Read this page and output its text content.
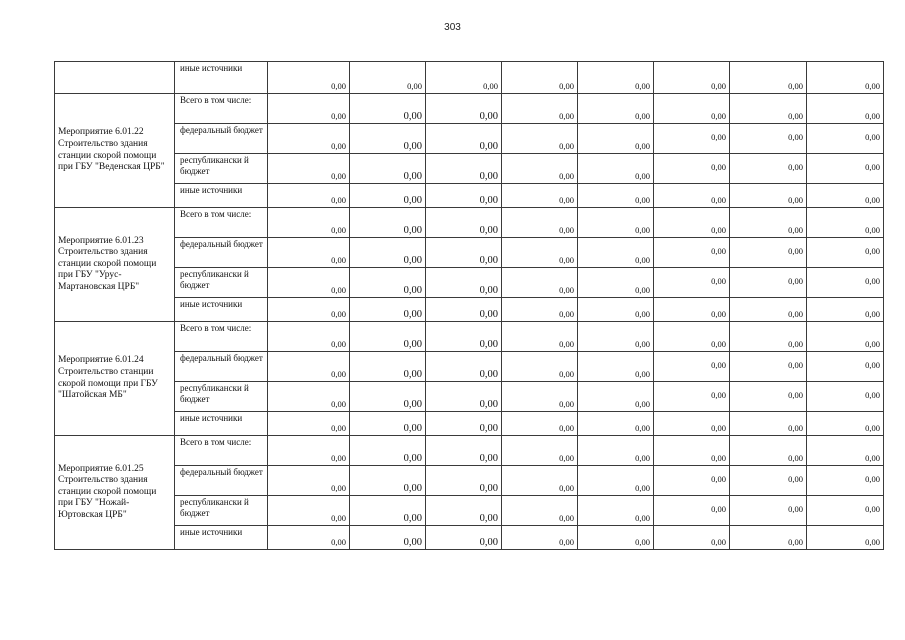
303
	иные источники	0,00	0,00	0,00	0,00	0,00	0,00	0,00	0,00

Мероприятие 6.01.22 Строительство здания станции скорой помощи при ГБУ "Веденская ЦРБ"	Всего в том числе:	0,00	0,00	0,00	0,00	0,00	0,00	0,00	0,00

	федеральный бюджет	0,00	0,00	0,00	0,00	0,00	0,00	0,00	0,00

	республикански й бюджет	0,00	0,00	0,00	0,00	0,00	0,00	0,00	0,00

	иные источники	0,00	0,00	0,00	0,00	0,00	0,00	0,00	0,00

Мероприятие 6.01.23 Строительство здания станции скорой помощи при ГБУ "Урус-Мартановская ЦРБ"	Всего в том числе:	0,00	0,00	0,00	0,00	0,00	0,00	0,00	0,00

	федеральный бюджет	0,00	0,00	0,00	0,00	0,00	0,00	0,00	0,00

	республикански й бюджет	0,00	0,00	0,00	0,00	0,00	0,00	0,00	0,00

	иные источники	0,00	0,00	0,00	0,00	0,00	0,00	0,00	0,00

Мероприятие 6.01.24 Строительство станции скорой помощи при ГБУ "Шатойская МБ"	Всего в том числе:	0,00	0,00	0,00	0,00	0,00	0,00	0,00	0,00

	федеральный бюджет	0,00	0,00	0,00	0,00	0,00	0,00	0,00	0,00

	республикански й бюджет	0,00	0,00	0,00	0,00	0,00	0,00	0,00	0,00

	иные источники	0,00	0,00	0,00	0,00	0,00	0,00	0,00	0,00

Мероприятие 6.01.25 Строительство здания станции скорой помощи при ГБУ "Ножай-Юртовская ЦРБ"	Всего в том числе:	0,00	0,00	0,00	0,00	0,00	0,00	0,00	0,00

	федеральный бюджет	0,00	0,00	0,00	0,00	0,00	0,00	0,00	0,00

	республикански й бюджет	0,00	0,00	0,00	0,00	0,00	0,00	0,00	0,00

	иные источники	0,00	0,00	0,00	0,00	0,00	0,00	0,00	0,00
